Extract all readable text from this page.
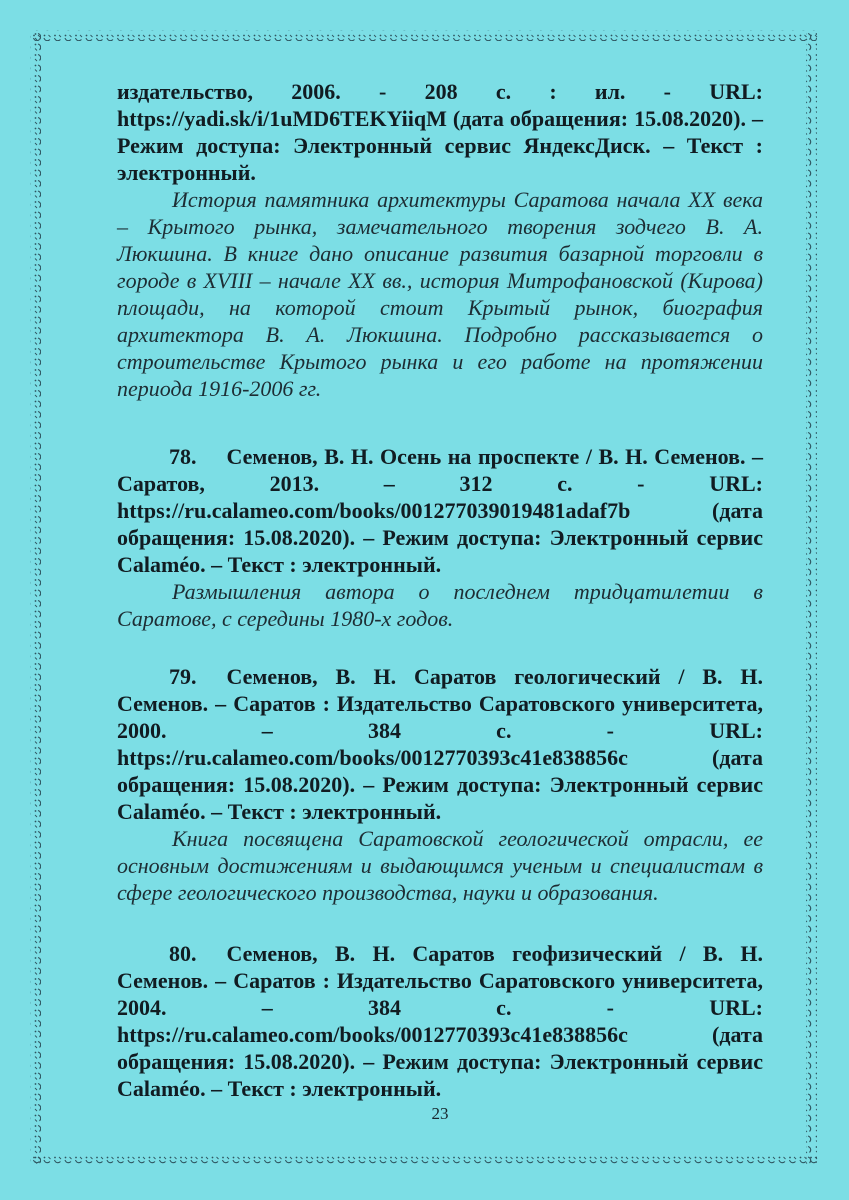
издательство, 2006. - 208 с. : ил. - URL: https://yadi.sk/i/1uMD6TEKYiiqM (дата обращения: 15.08.2020). – Режим доступа: Электронный сервис ЯндексДиск. – Текст : электронный.

История памятника архитектуры Саратова начала XX века – Крытого рынка, замечательного творения зодчего В. А. Люкшина. В книге дано описание развития базарной торговли в городе в XVIII – начале XX вв., история Митрофановской (Кирова) площади, на которой стоит Крытый рынок, биография архитектора В. А. Люкшина. Подробно рассказывается о строительстве Крытого рынка и его работе на протяжении периода 1916-2006 гг.

78. Семенов, В. Н. Осень на проспекте / В. Н. Семенов. – Саратов, 2013. – 312 с. - URL: https://ru.calameo.com/books/001277039019481adaf7b (дата обращения: 15.08.2020). – Режим доступа: Электронный сервис Calaméo. – Текст : электронный.

Размышления автора о последнем тридцатилетии в Саратове, с середины 1980-х годов.

79. Семенов, В. Н. Саратов геологический / В. Н. Семенов. – Саратов : Издательство Саратовского университета, 2000. – 384 с. - URL: https://ru.calameo.com/books/0012770393c41e838856c (дата обращения: 15.08.2020). – Режим доступа: Электронный сервис Calaméo. – Текст : электронный.

Книга посвящена Саратовской геологической отрасли, ее основным достижениям и выдающимся ученым и специалистам в сфере геологического производства, науки и образования.

80. Семенов, В. Н. Саратов геофизический / В. Н. Семенов. – Саратов : Издательство Саратовского университета, 2004. – 384 с. - URL: https://ru.calameo.com/books/0012770393c41e838856c (дата обращения: 15.08.2020). – Режим доступа: Электронный сервис Calaméo. – Текст : электронный.

23
